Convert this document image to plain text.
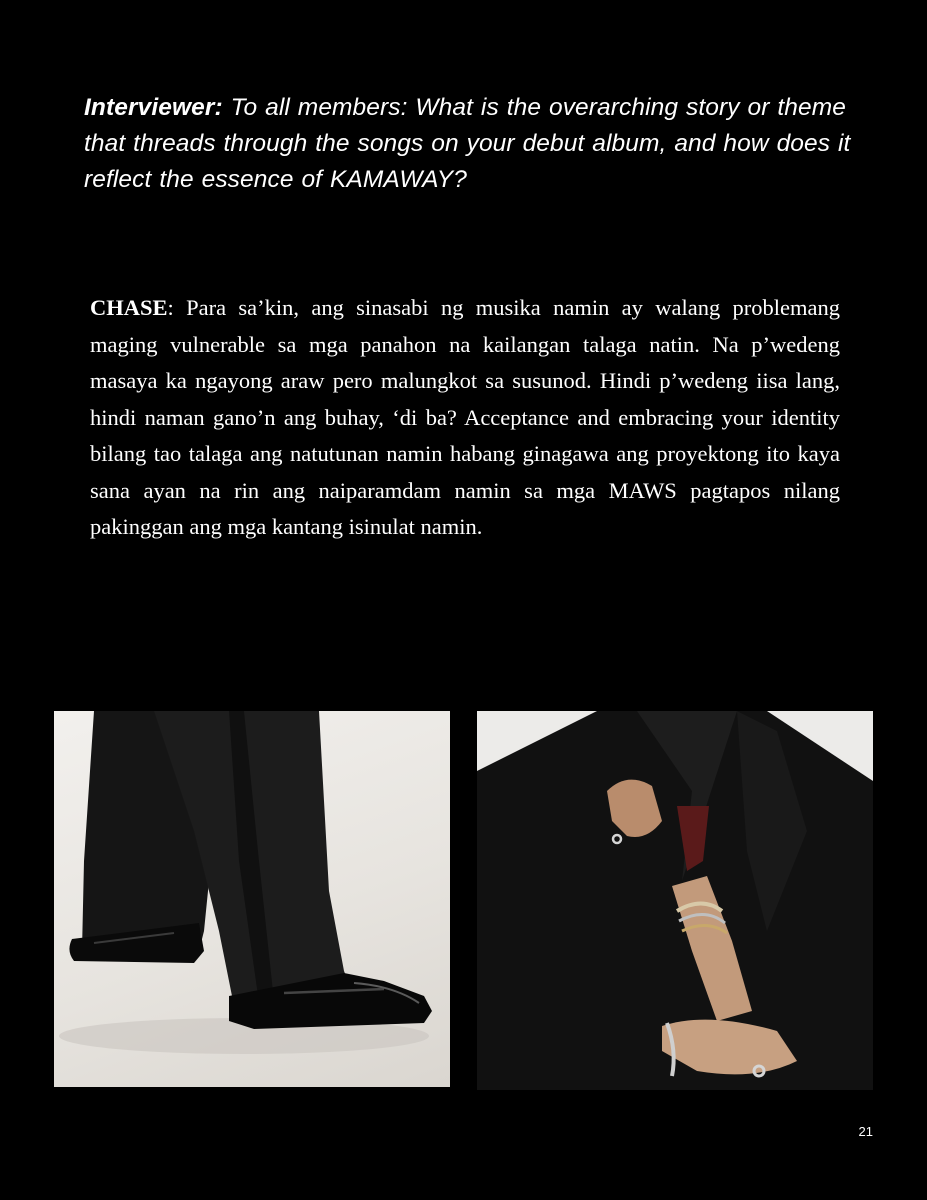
Interviewer: To all members: What is the overarching story or theme that threads through the songs on your debut album, and how does it reflect the essence of KAMAWAY?
CHASE: Para sa’kin, ang sinasabi ng musika namin ay walang problemang maging vulnerable sa mga panahon na kailangan talaga natin. Na p’wedeng masaya ka ngayong araw pero malungkot sa susunod. Hindi p’wedeng iisa lang, hindi naman gano’n ang buhay, ‘di ba? Acceptance and embracing your identity bilang tao talaga ang natutunan namin habang ginagawa ang proyektong ito kaya sana ayan na rin ang naiparamdam namin sa mga MAWS pagtapos nilang pakinggan ang mga kantang isinulat namin.
21
